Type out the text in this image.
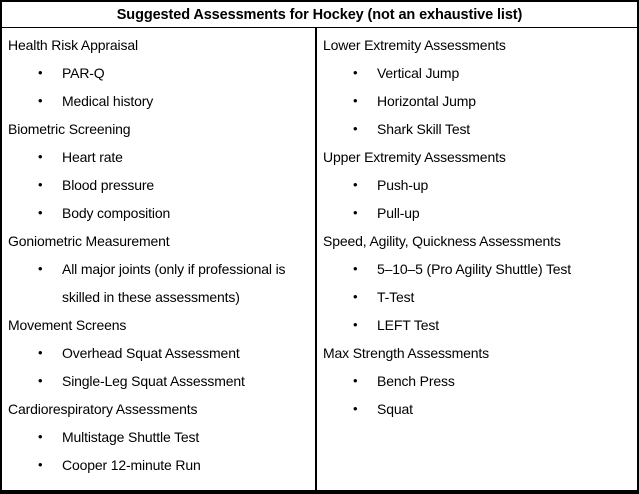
Suggested Assessments for Hockey (not an exhaustive list)
Health Risk Appraisal
•	PAR-Q
•	Medical history
Biometric Screening
•	Heart rate
•	Blood pressure
•	Body composition
Goniometric Measurement
•	All major joints (only if professional is skilled in these assessments)
Movement Screens
•	Overhead Squat Assessment
•	Single-Leg Squat Assessment
Cardiorespiratory Assessments
•	Multistage Shuttle Test
•	Cooper 12-minute Run
Lower Extremity Assessments
•	Vertical Jump
•	Horizontal Jump
•	Shark Skill Test
Upper Extremity Assessments
•	Push-up
•	Pull-up
Speed, Agility, Quickness Assessments
•	5–10–5 (Pro Agility Shuttle) Test
•	T-Test
•	LEFT Test
Max Strength Assessments
•	Bench Press
•	Squat
